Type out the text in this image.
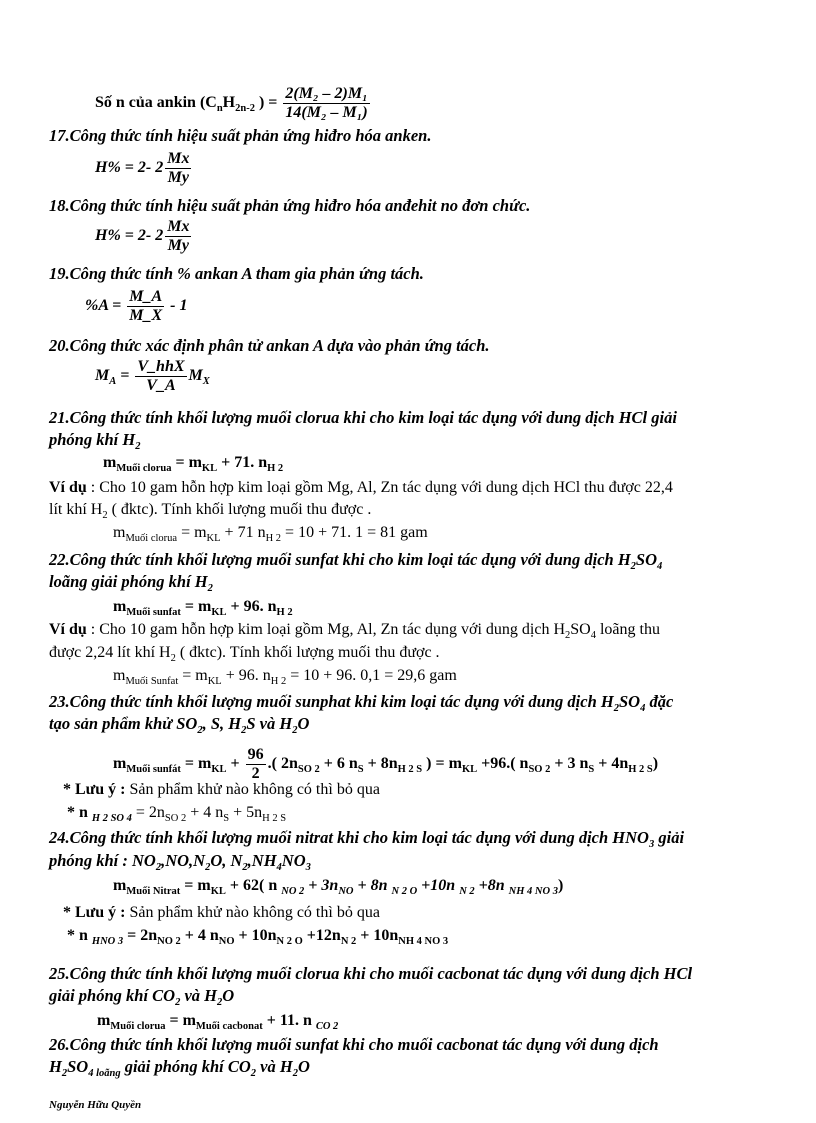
Số n của ankin ($C_nH_{2n-2}$ ) = $\frac{\text{2(M₂ – 2)M₁}}{\text{14(M₂ – M₁)}}$
17.Công thức tính hiệu suất phản ứng hiđro hóa anken.
H% = 2- $2 \frac{Mx}{My}$
18.Công thức tính hiệu suất phản ứng hiđro hóa anđehit no đơn chức.
H% = 2- $2 \frac{Mx}{My}$
19.Công thức tính % ankan A tham gia phản ứng tách.
$\%A = \frac{M\_A}{M\_X} - 1$
20.Công thức xác định phân tử ankan A dựa vào phản ứng tách.
$M_A = \frac{\text{V\_hhX}}{V\_A} M_X$
21.Công thức tính khối lượng muối clorua khi cho kim loại tác dụng với dung dịch HCl giải
phóng khí $H_2$
$m_{Muối clorua} = m_{KL} + 71$. $n_{H 2}$
Ví dụ : Cho 10 gam hỗn hợp kim loại gồm Mg, Al, Zn tác dụng với dung dịch HCl thu được 22,4
lít khí $H_2$ ( đktc). Tính khối lượng muối thu được .
$m_{Muối clorua} = m_{KL} + 71$ $n_{H 2} = 10 + 71$. 1 = 81 gam
22.Công thức tính khối lượng muối sunfat khi cho kim loại tác dụng với dung dịch $H_2SO_4$
loãng giải phóng khí $H_2$
$m_{Muối sunfat} = m_{KL} + 96$. $n_{H 2}$
Ví dụ : Cho 10 gam hỗn hợp kim loại gồm Mg, Al, Zn tác dụng với dung dịch $H_2SO_4$ loãng thu
được 2,24 lít khí $H_2$ ( đktc). Tính khối lượng muối thu được .
$m_{Muối Sunfat} = m_{KL} + 96$. $n_{H 2} = 10 + 96$. 0,1 = 29,6 gam
23.Công thức tính khối lượng muối sunphat khi kim loại tác dụng với dung dịch $H_2SO_4$ đặc
tạo sản phẩm khử $SO_2$, S, $H_2S$ và $H_2O$
$m_{Muối sunfát} = m_{KL} + \frac{96}{2}$ .( $2n_{SO 2} + 6$ $n_S + 8n_{H 2 S}$ ) = $m_{KL} +96$.( $n_{SO 2} + 3$ $n_S + 4n_{H 2 S}$)
* Lưu ý : Sản phẩm khử nào không có thì bỏ qua
* n $_{H 2 SO 4} = 2n_{SO 2} + 4$ $n_S + 5n_{H 2 S}$
24.Công thức tính khối lượng muối nitrat khi cho kim loại tác dụng với dung dịch $HNO_3$ giải
phóng khí : $NO_2,NO,N_2O$, $N_2,NH_4NO_3$
$m_{Muối Nitrat} = m_{KL} + 62$( n $_{NO 2} + 3n_{NO} + 8n$ $_{N 2 O}$ +10n $_{N 2}$ +8n $_{NH 4 NO 3}$)
* Lưu ý : Sản phẩm khử nào không có thì bỏ qua
* n $_{HNO 3} = 2n_{NO 2} + 4$ $n_{NO} + 10n_{N 2 O} +12n_{N 2} + 10n_{NH 4 NO 3}$
25.Công thức tính khối lượng muối clorua khi cho muối cacbonat tác dụng với dung dịch HCl
giải phóng khí $CO_2$ và $H_2O$
$m_{Muối clorua} = m_{Muối cacbonat} + 11$. n $_{CO 2}$
26.Công thức tính khối lượng muối sunfat khi cho muối cacbonat tác dụng với dung dịch
$H_2SO_{4 loãng}$ giải phóng khí $CO_2$ và $H_2O$
Nguyễn Hữu Quyền
